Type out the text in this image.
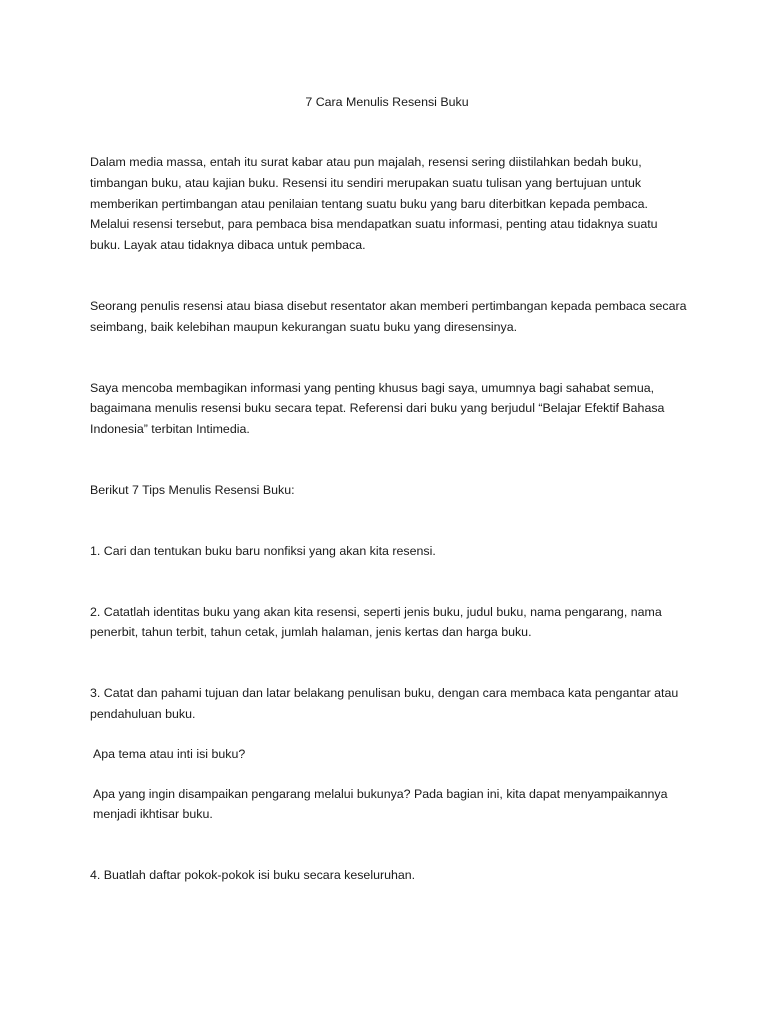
7 Cara Menulis Resensi Buku

Dalam media massa, entah itu surat kabar atau pun majalah, resensi sering diistilahkan bedah buku, timbangan buku, atau kajian buku. Resensi itu sendiri merupakan suatu tulisan yang bertujuan untuk memberikan pertimbangan atau penilaian tentang suatu buku yang baru diterbitkan kepada pembaca. Melalui resensi tersebut, para pembaca bisa mendapatkan suatu informasi, penting atau tidaknya suatu buku. Layak atau tidaknya dibaca untuk pembaca.

Seorang penulis resensi atau biasa disebut resentator akan memberi pertimbangan kepada pembaca secara seimbang, baik kelebihan maupun kekurangan suatu buku yang diresensinya.

Saya mencoba membagikan informasi yang penting khusus bagi saya, umumnya bagi sahabat semua, bagaimana menulis resensi buku secara tepat. Referensi dari buku yang berjudul “Belajar Efektif Bahasa Indonesia” terbitan Intimedia.

Berikut 7 Tips Menulis Resensi Buku:

1. Cari dan tentukan buku baru nonfiksi yang akan kita resensi.

2. Catatlah identitas buku yang akan kita resensi, seperti jenis buku, judul buku, nama pengarang, nama penerbit, tahun terbit, tahun cetak, jumlah halaman, jenis kertas dan harga buku.

3. Catat dan pahami tujuan dan latar belakang penulisan buku, dengan cara membaca kata pengantar atau pendahuluan buku.

Apa tema atau inti isi buku?

Apa yang ingin disampaikan pengarang melalui bukunya? Pada bagian ini, kita dapat menyampaikannya menjadi ikhtisar buku.

4. Buatlah daftar pokok-pokok isi buku secara keseluruhan.
